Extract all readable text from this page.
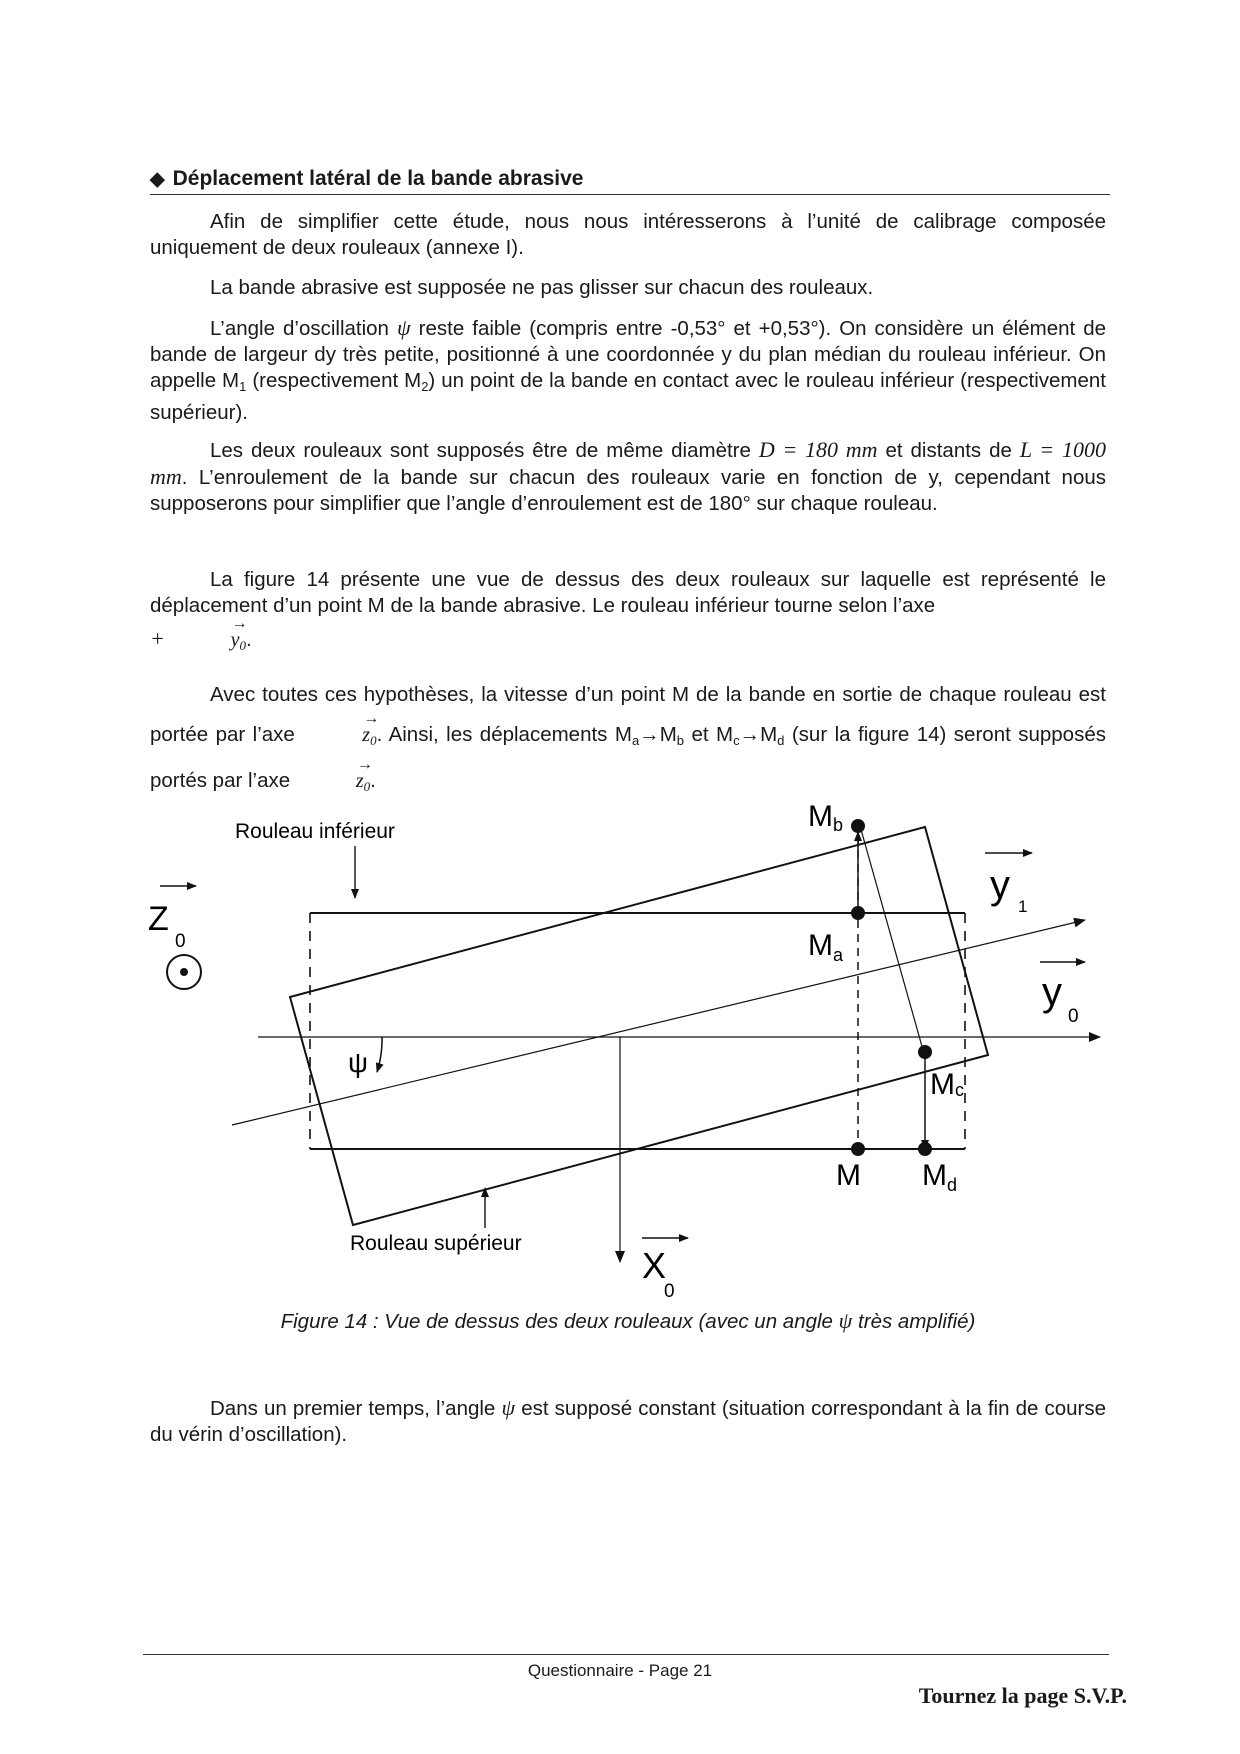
◆ Déplacement latéral de la bande abrasive

Afin de simplifier cette étude, nous nous intéresserons à l’unité de calibrage composée uniquement de deux rouleaux (annexe I).

La bande abrasive est supposée ne pas glisser sur chacun des rouleaux.

L’angle d’oscillation ψ reste faible (compris entre -0,53° et +0,53°). On considère un élément de bande de largeur dy très petite, positionné à une coordonnée y du plan médian du rouleau inférieur. On appelle $M_1$ (respectivement $M_2$) un point de la bande en contact avec le rouleau inférieur (respectivement supérieur).

Les deux rouleaux sont supposés être de même diamètre D = 180 mm et distants de L = 1000 mm. L’enroulement de la bande sur chacun des rouleaux varie en fonction de y, cependant nous supposerons pour simplifier que l’angle d’enroulement est de 180° sur chaque rouleau.

La figure 14 présente une vue de dessus des deux rouleaux sur laquelle est représenté le déplacement d’un point M de la bande abrasive. Le rouleau inférieur tourne selon l’axe
+	→ $y_0$.

Avec toutes ces hypothèses, la vitesse d’un point M de la bande en sortie de chaque rouleau est portée par l’axe	→ $z_0$. Ainsi, les déplacements $M_a\to M_b$ et $M_c\to M_d$ (sur la figure 14) seront supposés portés par l’axe	→ $z_0$.

ψ
Mb
$M_a$
Mc
M $M_d$
Rouleau inférieur
Rouleau supérieur
Z
0
y 1
y
0
X
0
Figure 14 : Vue de dessus des deux rouleaux (avec un angle ψ très amplifié)

Dans un premier temps, l’angle ψ est supposé constant (situation correspondant à la fin de course du vérin d’oscillation).

Questionnaire - Page 21
Tournez la page S.V.P.
